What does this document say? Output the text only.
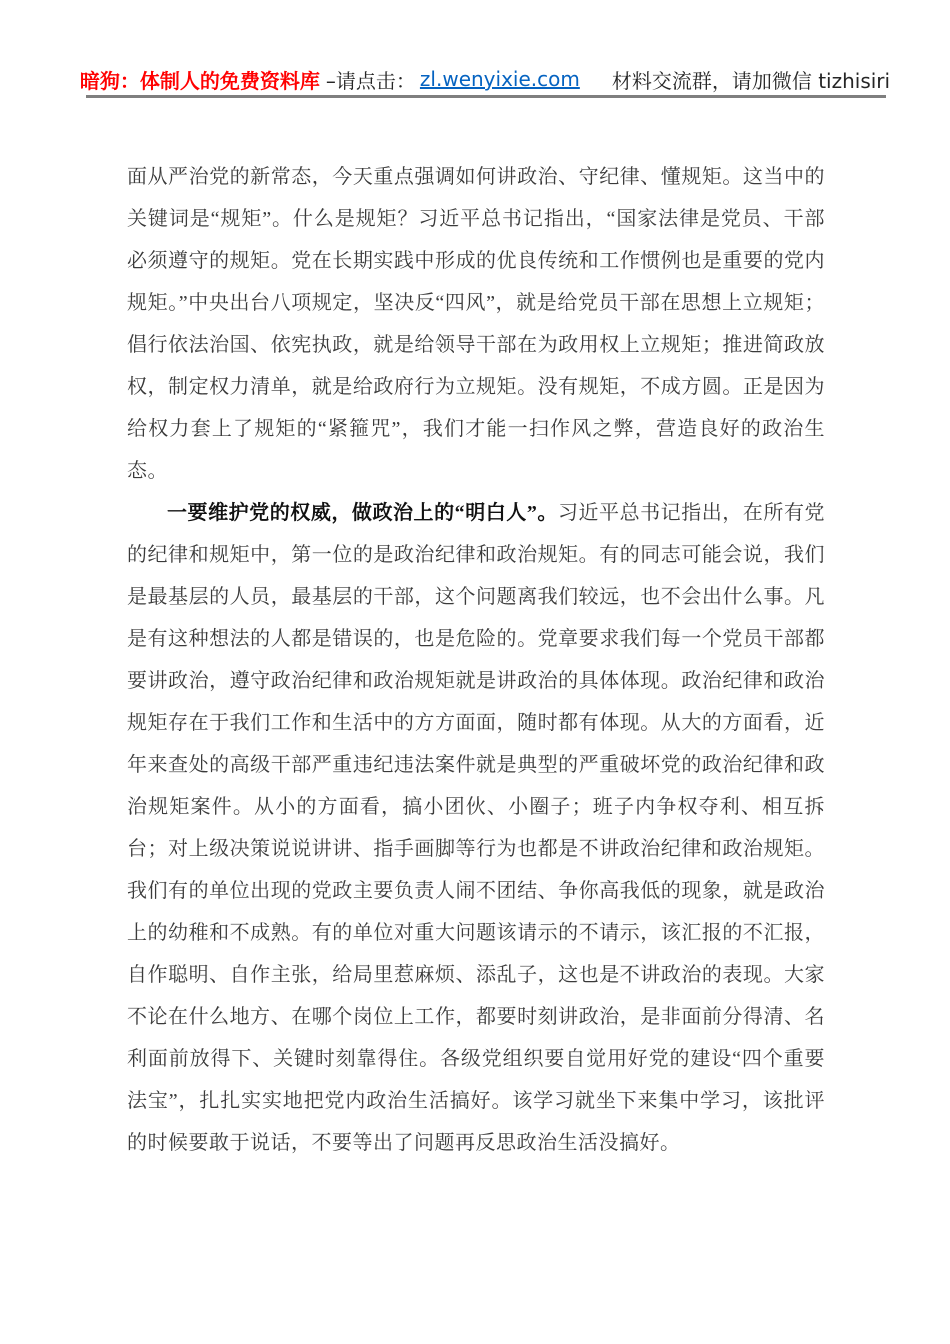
暗狗：体制人的免费资料库 –请点击： zl.wenyixie.com 材料交流群，请加微信 tizhisiri

面从严治党的新常态，今天重点强调如何讲政治、守纪律、懂规矩。这当中的关键词是“规矩”。什么是规矩？习近平总书记指出，“国家法律是党员、干部必须遵守的规矩。党在长期实践中形成的优良传统和工作惯例也是重要的党内规矩。”中央出台八项规定，坚决反“四风”，就是给党员干部在思想上立规矩；倡行依法治国、依宪执政，就是给领导干部在为政用权上立规矩；推进简政放权，制定权力清单，就是给政府行为立规矩。没有规矩，不成方圆。正是因为给权力套上了规矩的“紧箍咒”，我们才能一扫作风之弊，营造良好的政治生态。

一要维护党的权威，做政治上的“明白人”。习近平总书记指出，在所有党的纪律和规矩中，第一位的是政治纪律和政治规矩。有的同志可能会说，我们是最基层的人员，最基层的干部，这个问题离我们较远，也不会出什么事。凡是有这种想法的人都是错误的，也是危险的。党章要求我们每一个党员干部都要讲政治，遵守政治纪律和政治规矩就是讲政治的具体体现。政治纪律和政治规矩存在于我们工作和生活中的方方面面，随时都有体现。从大的方面看，近年来查处的高级干部严重违纪违法案件就是典型的严重破坏党的政治纪律和政治规矩案件。从小的方面看，搞小团伙、小圈子；班子内争权夺利、相互拆台；对上级决策说说讲讲、指手画脚等行为也都是不讲政治纪律和政治规矩。我们有的单位出现的党政主要负责人闹不团结、争你高我低的现象，就是政治上的幼稚和不成熟。有的单位对重大问题该请示的不请示，该汇报的不汇报，自作聪明、自作主张，给局里惹麻烦、添乱子，这也是不讲政治的表现。大家不论在什么地方、在哪个岗位上工作，都要时刻讲政治，是非面前分得清、名利面前放得下、关键时刻靠得住。各级党组织要自觉用好党的建设“四个重要法宝”，扎扎实实地把党内政治生活搞好。该学习就坐下来集中学习，该批评的时候要敢于说话，不要等出了问题再反思政治生活没搞好。
